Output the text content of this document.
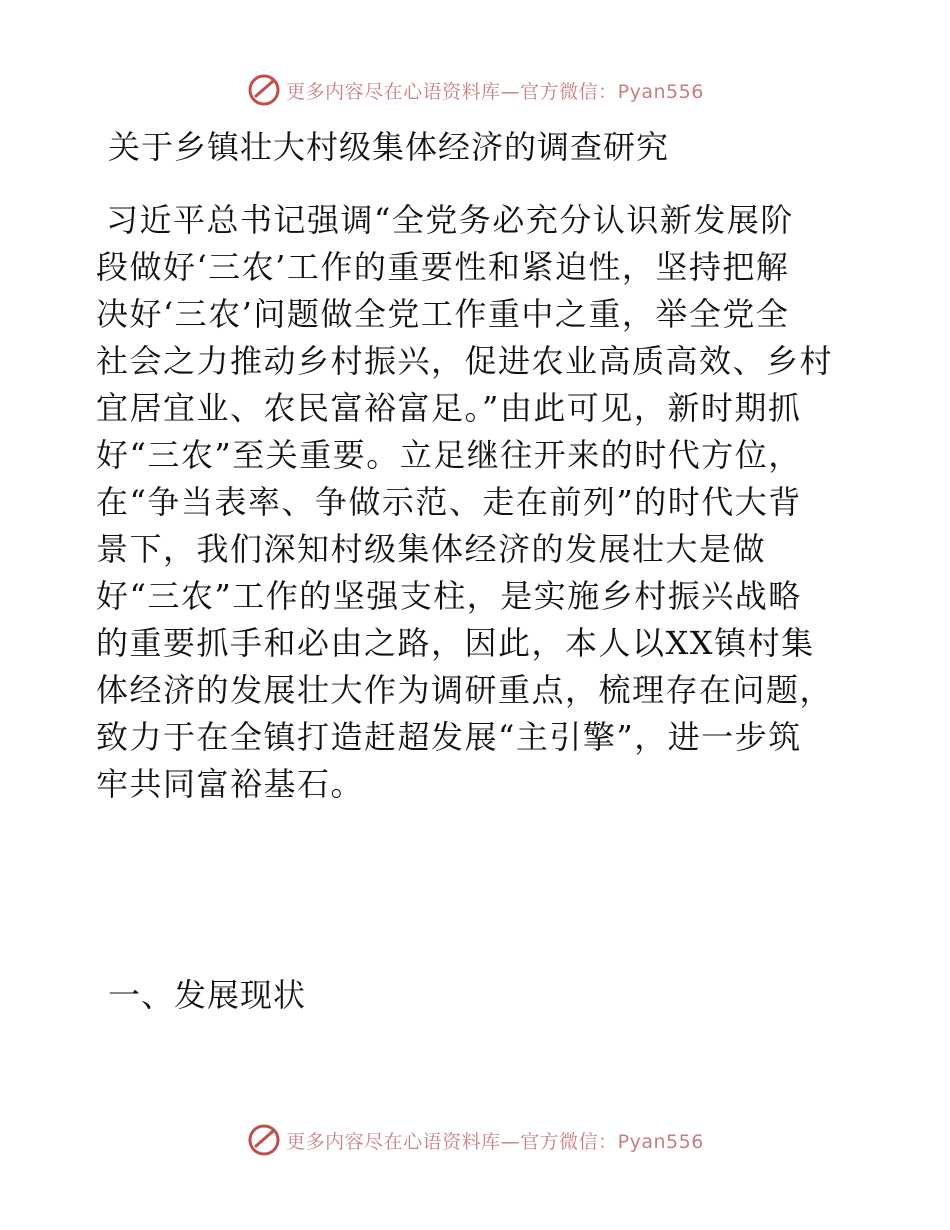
更多内容尽在心语资料库—官方微信：Pyan556
关于乡镇壮大村级集体经济的调查研究
习近平总书记强调“全党务必充分认识新发展阶
段做好‘三农’工作的重要性和紧迫性，坚持把解
决好‘三农’问题做全党工作重中之重，举全党全
社会之力推动乡村振兴，促进农业高质高效、乡村
宜居宜业、农民富裕富足。”由此可见，新时期抓
好“三农”至关重要。立足继往开来的时代方位，
在“争当表率、争做示范、走在前列”的时代大背
景下，我们深知村级集体经济的发展壮大是做
好“三农”工作的坚强支柱，是实施乡村振兴战略
的重要抓手和必由之路，因此，本人以XX镇村集
体经济的发展壮大作为调研重点，梳理存在问题，
致力于在全镇打造赶超发展“主引擎”，进一步筑
牢共同富裕基石。
一、发展现状
更多内容尽在心语资料库—官方微信：Pyan556
